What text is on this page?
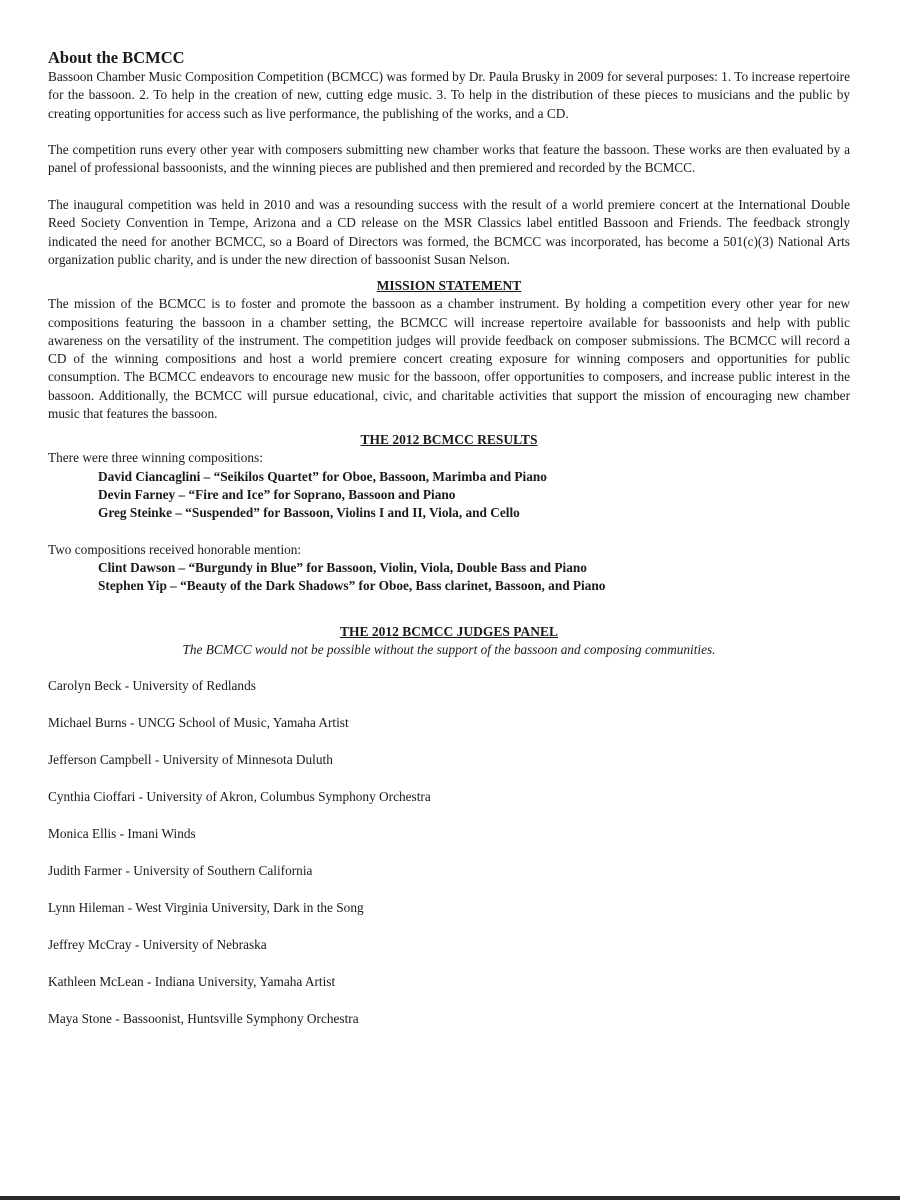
About the BCMCC

Bassoon Chamber Music Composition Competition (BCMCC) was formed by Dr. Paula Brusky in 2009 for several purposes: 1. To increase repertoire for the bassoon. 2. To help in the creation of new, cutting edge music. 3. To help in the distribution of these pieces to musicians and the public by creating opportunities for access such as live performance, the publishing of the works, and a CD.

The competition runs every other year with composers submitting new chamber works that feature the bassoon. These works are then evaluated by a panel of professional bassoonists, and the winning pieces are published and then premiered and recorded by the BCMCC.

The inaugural competition was held in 2010 and was a resounding success with the result of a world premiere concert at the International Double Reed Society Convention in Tempe, Arizona and a CD release on the MSR Classics label entitled Bassoon and Friends. The feedback strongly indicated the need for another BCMCC, so a Board of Directors was formed, the BCMCC was incorporated, has become a 501(c)(3) National Arts organization public charity, and is under the new direction of bassoonist Susan Nelson.

MISSION STATEMENT

The mission of the BCMCC is to foster and promote the bassoon as a chamber instrument. By holding a competition every other year for new compositions featuring the bassoon in a chamber setting, the BCMCC will increase repertoire available for bassoonists and help with public awareness on the versatility of the instrument. The competition judges will provide feedback on composer submissions. The BCMCC will record a CD of the winning compositions and host a world premiere concert creating exposure for winning composers and opportunities for public consumption. The BCMCC endeavors to encourage new music for the bassoon, offer opportunities to composers, and increase public interest in the bassoon. Additionally, the BCMCC will pursue educational, civic, and charitable activities that support the mission of encouraging new chamber music that features the bassoon.

THE 2012 BCMCC RESULTS

There were three winning compositions:

David Ciancaglini – “Seikilos Quartet” for Oboe, Bassoon, Marimba and Piano
Devin Farney – “Fire and Ice” for Soprano, Bassoon and Piano
Greg Steinke – “Suspended” for Bassoon, Violins I and II, Viola, and Cello

Two compositions received honorable mention:

Clint Dawson – “Burgundy in Blue” for Bassoon, Violin, Viola, Double Bass and Piano
Stephen Yip – “Beauty of the Dark Shadows” for Oboe, Bass clarinet, Bassoon, and Piano
THE 2012 BCMCC JUDGES PANEL

The BCMCC would not be possible without the support of the bassoon and composing communities.

Carolyn Beck - University of Redlands
Michael Burns - UNCG School of Music, Yamaha Artist
Jefferson Campbell - University of Minnesota Duluth
Cynthia Cioffari - University of Akron, Columbus Symphony Orchestra
Monica Ellis - Imani Winds
Judith Farmer - University of Southern California
Lynn Hileman - West Virginia University, Dark in the Song
Jeffrey McCray - University of Nebraska
Kathleen McLean - Indiana University, Yamaha Artist
Maya Stone - Bassoonist, Huntsville Symphony Orchestra
